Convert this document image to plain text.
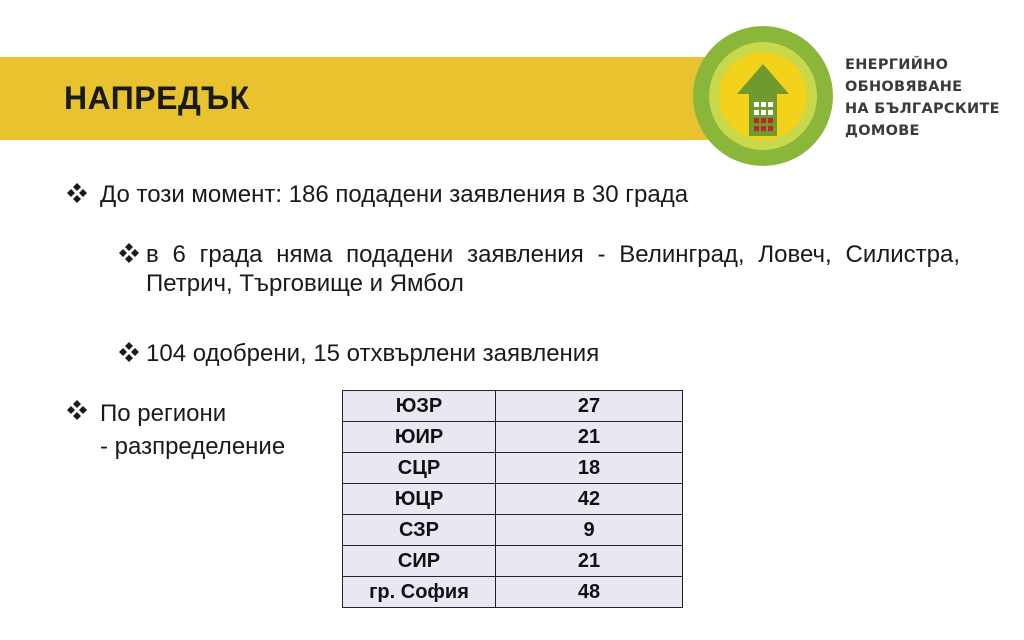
НАПРЕДЪК
ЕНЕРГИЙНО
ОБНОВЯВАНЕ
НА БЪЛГАРСКИТЕ
ДОМОВЕ
До този момент: 186 подадени заявления в 30 града
в 6 града няма подадени заявления - Велинград, Ловеч, Силистра, Петрич, Търговище и Ямбол
104 одобрени, 15 отхвърлени заявления
По региони
- разпределение
ЮЗР	27
ЮИР	21
СЦР	18
ЮЦР	42
СЗР	9
СИР	21
гр. София	48
